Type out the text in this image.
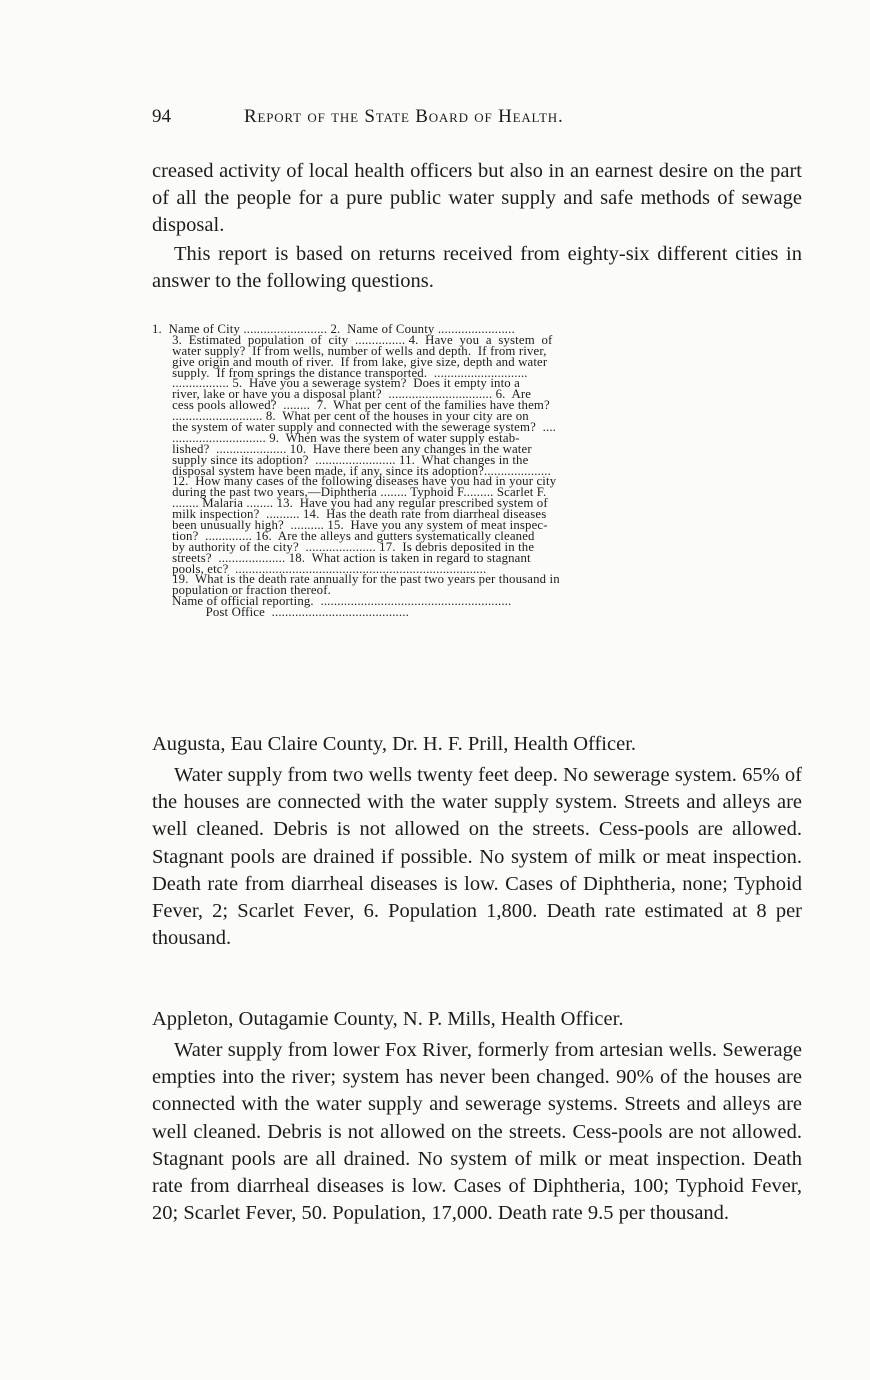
94	Report of the State Board of Health.

creased activity of local health officers but also in an earnest desire on the part of all the people for a pure public water supply and safe methods of sewage disposal.

This report is based on returns received from eighty-six different cities in answer to the following questions.

1.  Name of City ......................... 2.  Name of County .......................
3.  Estimated  population  of  city  ............... 4.  Have  you  a  system  of
water supply?  If from wells, number of wells and depth.  If from river,
give origin and mouth of river.  If from lake, give size, depth and water
supply.  If from springs the distance transported.  ............................
................. 5.  Have you a sewerage system?  Does it empty into a
river, lake or have you a disposal plant?  ............................... 6.  Are
cess pools allowed?  ........  7.  What per cent of the families have them?
........................... 8.  What per cent of the houses in your city are on
the system of water supply and connected with the sewerage system?  ....
............................ 9.  When was the system of water supply estab-
lished?  ..................... 10.  Have there been any changes in the water
supply since its adoption?  ........................ 11.  What changes in the
disposal system have been made, if any, since its adoption?....................
12.  How many cases of the following diseases have you had in your city
during the past two years,—Diphtheria ........ Typhoid F......... Scarlet F.
........ Malaria ........ 13.  Have you had any regular prescribed system of
milk inspection?  .......... 14.  Has the death rate from diarrheal diseases
been unusually high?  .......... 15.  Have you any system of meat inspec-
tion?  .............. 16.  Are the alleys and gutters systematically cleaned
by authority of the city?  ..................... 17.  Is debris deposited in the
streets?  .................... 18.  What action is taken in regard to stagnant
pools, etc?  ...........................................................................
19.  What is the death rate annually for the past two years per thousand in
population or fraction thereof.
Name of official reporting.  .........................................................
Post Office  .........................................
Augusta, Eau Claire County, Dr. H. F. Prill, Health Officer.

Water supply from two wells twenty feet deep. No sewerage system. 65% of the houses are connected with the water supply system. Streets and alleys are well cleaned. Debris is not allowed on the streets. Cess-pools are allowed. Stagnant pools are drained if possible. No system of milk or meat inspection. Death rate from diarrheal diseases is low. Cases of Diphtheria, none; Typhoid Fever, 2; Scarlet Fever, 6. Population 1,800. Death rate estimated at 8 per thousand.

Appleton, Outagamie County, N. P. Mills, Health Officer.

Water supply from lower Fox River, formerly from artesian wells. Sewerage empties into the river; system has never been changed. 90% of the houses are connected with the water supply and sewerage systems. Streets and alleys are well cleaned. Debris is not allowed on the streets. Cess-pools are not allowed. Stagnant pools are all drained. No system of milk or meat inspection. Death rate from diarrheal diseases is low. Cases of Diphtheria, 100; Typhoid Fever, 20; Scarlet Fever, 50. Population, 17,000. Death rate 9.5 per thousand.
